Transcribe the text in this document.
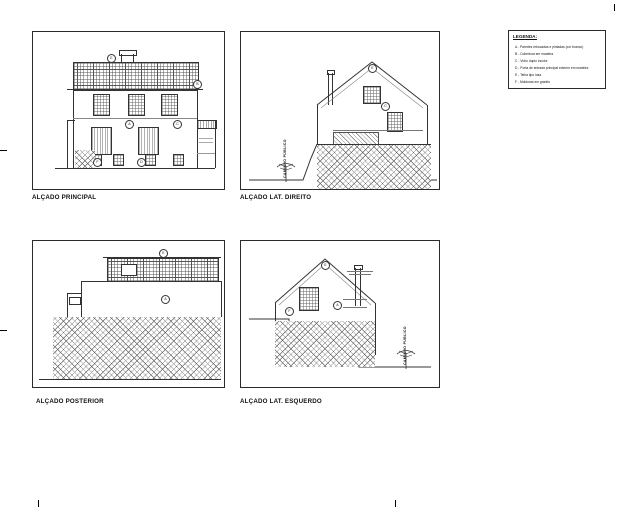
E
B
A	C
F	D
ALÇADO PRINCIPAL
CAMINHO PÚBLICO
E
C
ALÇADO LAT. DIREITO
E
A
ALÇADO POSTERIOR
CAMINHO PÚBLICO
E
A
F
ALÇADO LAT. ESQUERDO
LEGENDA:
A - Paredes rebocadas e pintadas (cor branco)
B - Cobertura em madeira
C - Vidro duplo incolor
D - Porta de entrada principal exterior em madeira
E - Telha tipo lusa
F - Molduras em granito
